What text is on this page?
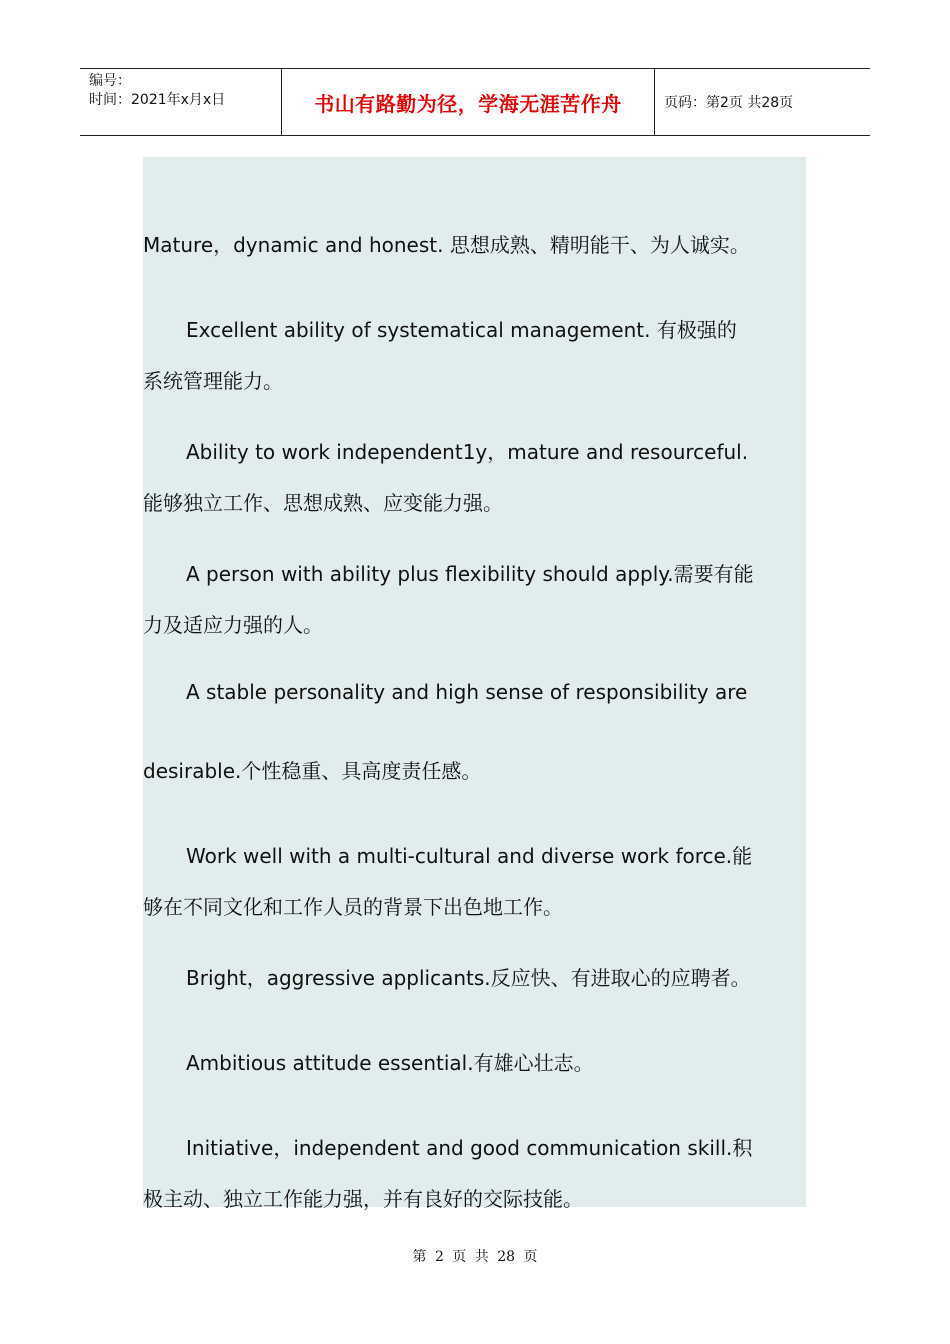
编号：
时间：2021年x月x日	书山有路勤为径，学海无涯苦作舟	页码：第2页 共28页
Mature，dynamic and honest. 思想成熟、精明能干、为人诚实。
Excellent ability of systematical management. 有极强的
系统管理能力。
Ability to work independent1y，mature and resourceful.
能够独立工作、思想成熟、应变能力强。
A person with ability plus flexibility should apply.需要有能
力及适应力强的人。
A stable personality and high sense of responsibility are
desirable.个性稳重、具高度责任感。
Work well with a multi-cultural and diverse work force.能
够在不同文化和工作人员的背景下出色地工作。
Bright，aggressive applicants.反应快、有进取心的应聘者。
Ambitious attitude essential.有雄心壮志。
Initiative，independent and good communication skill.积
极主动、独立工作能力强，并有良好的交际技能。
第 2 页 共 28 页
